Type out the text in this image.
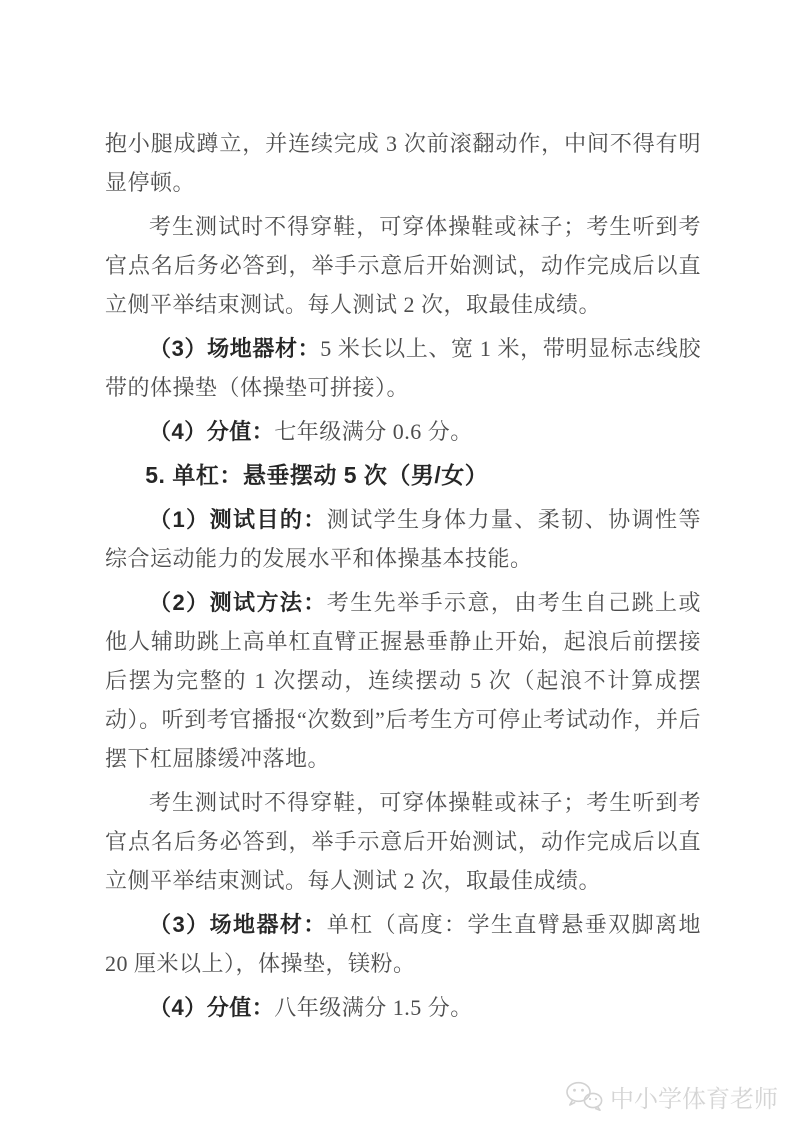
抱小腿成蹲立，并连续完成 3 次前滚翻动作，中间不得有明显停顿。

考生测试时不得穿鞋，可穿体操鞋或袜子；考生听到考官点名后务必答到，举手示意后开始测试，动作完成后以直立侧平举结束测试。每人测试 2 次，取最佳成绩。

（3）场地器材：5 米长以上、宽 1 米，带明显标志线胶带的体操垫（体操垫可拼接）。

（4）分值：七年级满分 0.6 分。

5. 单杠：悬垂摆动 5 次（男/女）

（1）测试目的：测试学生身体力量、柔韧、协调性等综合运动能力的发展水平和体操基本技能。

（2）测试方法：考生先举手示意，由考生自己跳上或他人辅助跳上高单杠直臂正握悬垂静止开始，起浪后前摆接后摆为完整的 1 次摆动，连续摆动 5 次（起浪不计算成摆动）。听到考官播报“次数到”后考生方可停止考试动作，并后摆下杠屈膝缓冲落地。

考生测试时不得穿鞋，可穿体操鞋或袜子；考生听到考官点名后务必答到，举手示意后开始测试，动作完成后以直立侧平举结束测试。每人测试 2 次，取最佳成绩。

（3）场地器材：单杠（高度：学生直臂悬垂双脚离地 20 厘米以上），体操垫，镁粉。

（4）分值：八年级满分 1.5 分。

中小学体育老师
